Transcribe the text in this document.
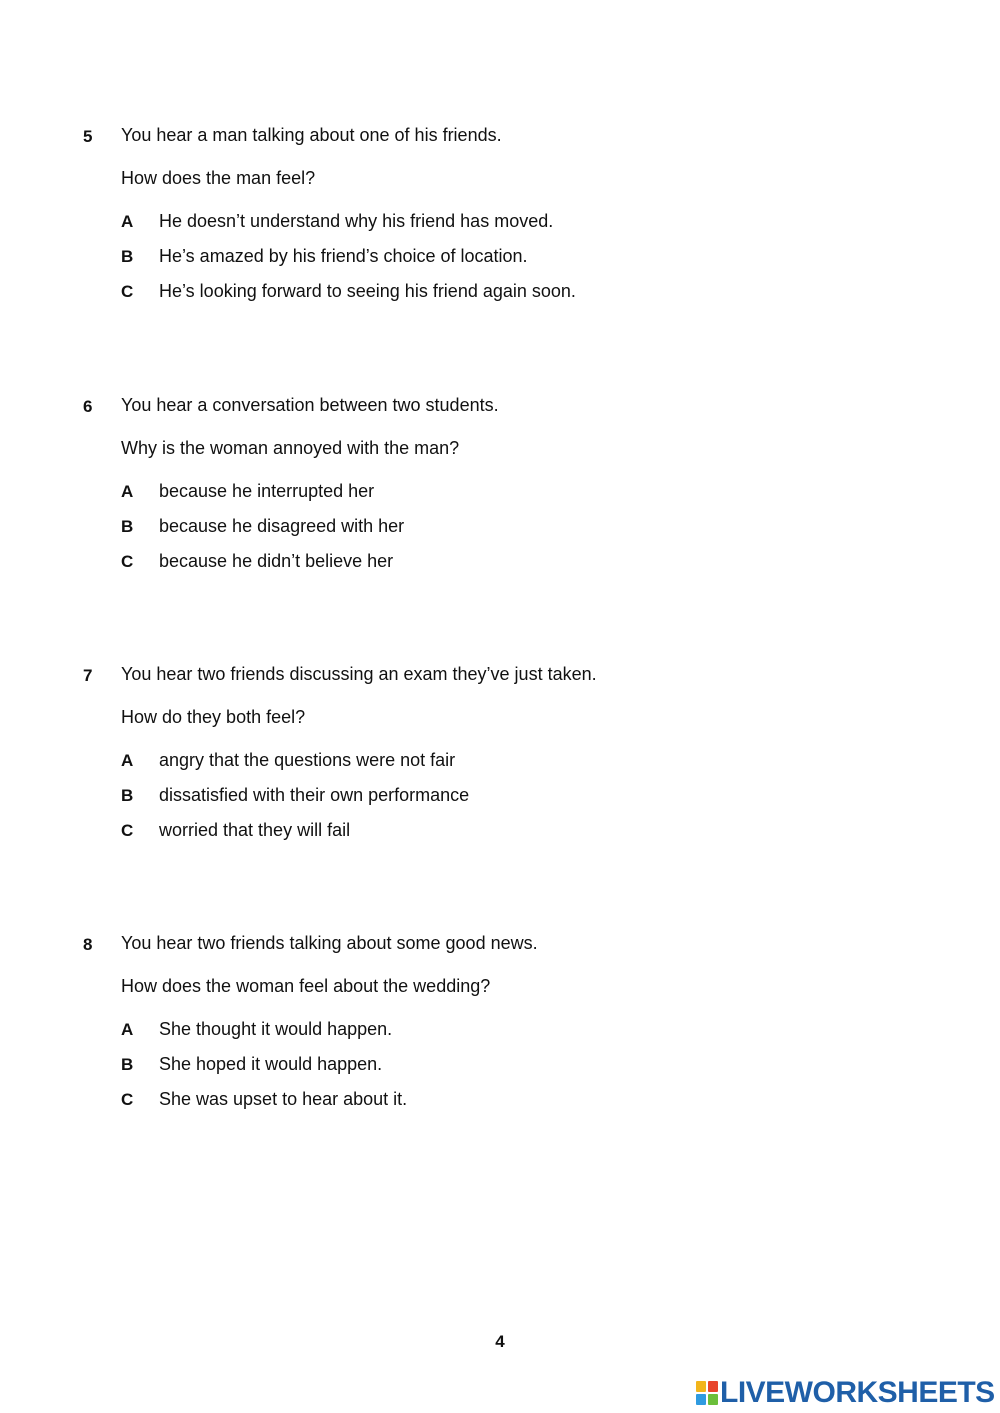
5 You hear a man talking about one of his friends.
How does the man feel?
A He doesn’t understand why his friend has moved.
B He’s amazed by his friend’s choice of location.
C He’s looking forward to seeing his friend again soon.
6 You hear a conversation between two students.
Why is the woman annoyed with the man?
A because he interrupted her
B because he disagreed with her
C because he didn’t believe her
7 You hear two friends discussing an exam they’ve just taken.
How do they both feel?
A angry that the questions were not fair
B dissatisfied with their own performance
C worried that they will fail
8 You hear two friends talking about some good news.
How does the woman feel about the wedding?
A She thought it would happen.
B She hoped it would happen.
C She was upset to hear about it.
4
LIVEWORKSHEETS
